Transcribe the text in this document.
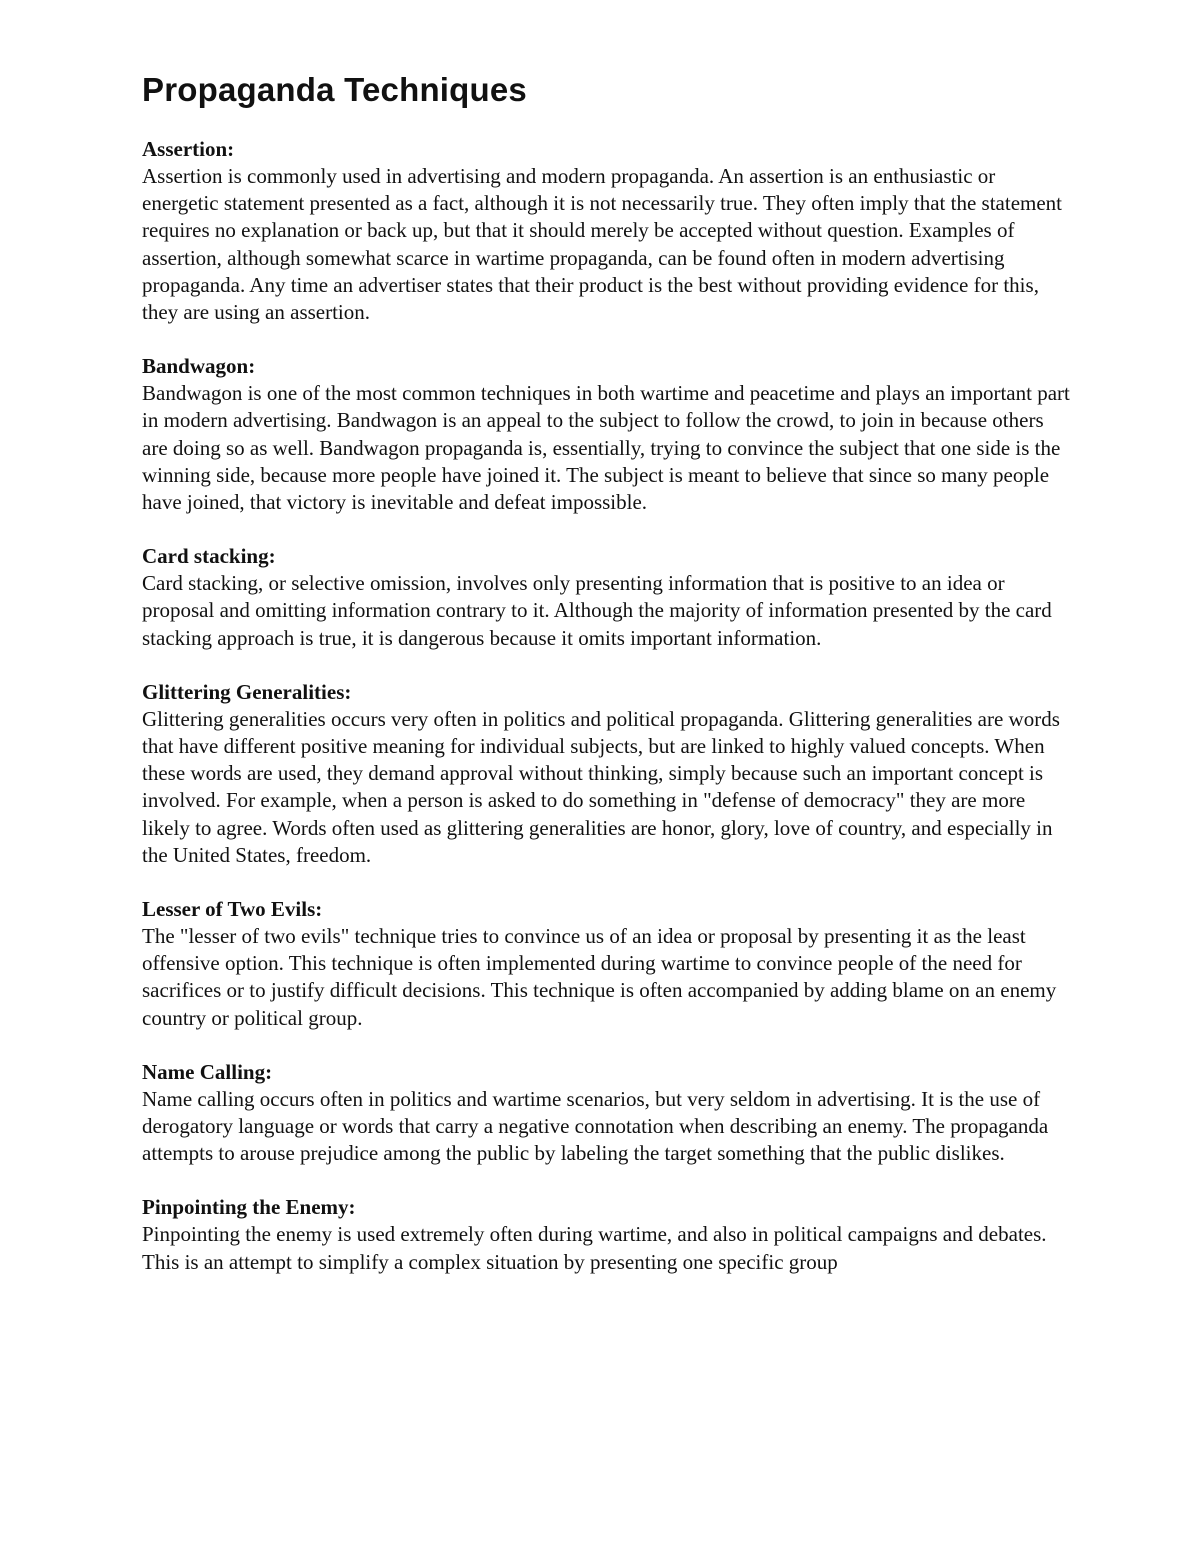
Propaganda Techniques

Assertion:

Assertion is commonly used in advertising and modern propaganda. An assertion is an enthusiastic or energetic statement presented as a fact, although it is not necessarily true. They often imply that the statement requires no explanation or back up, but that it should merely be accepted without question. Examples of assertion, although somewhat scarce in wartime propaganda, can be found often in modern advertising propaganda. Any time an advertiser states that their product is the best without providing evidence for this, they are using an assertion.

Bandwagon:

Bandwagon is one of the most common techniques in both wartime and peacetime and plays an important part in modern advertising. Bandwagon is an appeal to the subject to follow the crowd, to join in because others are doing so as well. Bandwagon propaganda is, essentially, trying to convince the subject that one side is the winning side, because more people have joined it. The subject is meant to believe that since so many people have joined, that victory is inevitable and defeat impossible.

Card stacking:

Card stacking, or selective omission, involves only presenting information that is positive to an idea or proposal and omitting information contrary to it. Although the majority of information presented by the card stacking approach is true, it is dangerous because it omits important information.

Glittering Generalities:

Glittering generalities occurs very often in politics and political propaganda. Glittering generalities are words that have different positive meaning for individual subjects, but are linked to highly valued concepts. When these words are used, they demand approval without thinking, simply because such an important concept is involved. For example, when a person is asked to do something in "defense of democracy" they are more likely to agree. Words often used as glittering generalities are honor, glory, love of country, and especially in the United States, freedom.

Lesser of Two Evils:

The "lesser of two evils" technique tries to convince us of an idea or proposal by presenting it as the least offensive option. This technique is often implemented during wartime to convince people of the need for sacrifices or to justify difficult decisions. This technique is often accompanied by adding blame on an enemy country or political group.

Name Calling:

Name calling occurs often in politics and wartime scenarios, but very seldom in advertising. It is the use of derogatory language or words that carry a negative connotation when describing an enemy. The propaganda attempts to arouse prejudice among the public by labeling the target something that the public dislikes.

Pinpointing the Enemy:

Pinpointing the enemy is used extremely often during wartime, and also in political campaigns and debates. This is an attempt to simplify a complex situation by presenting one specific group
